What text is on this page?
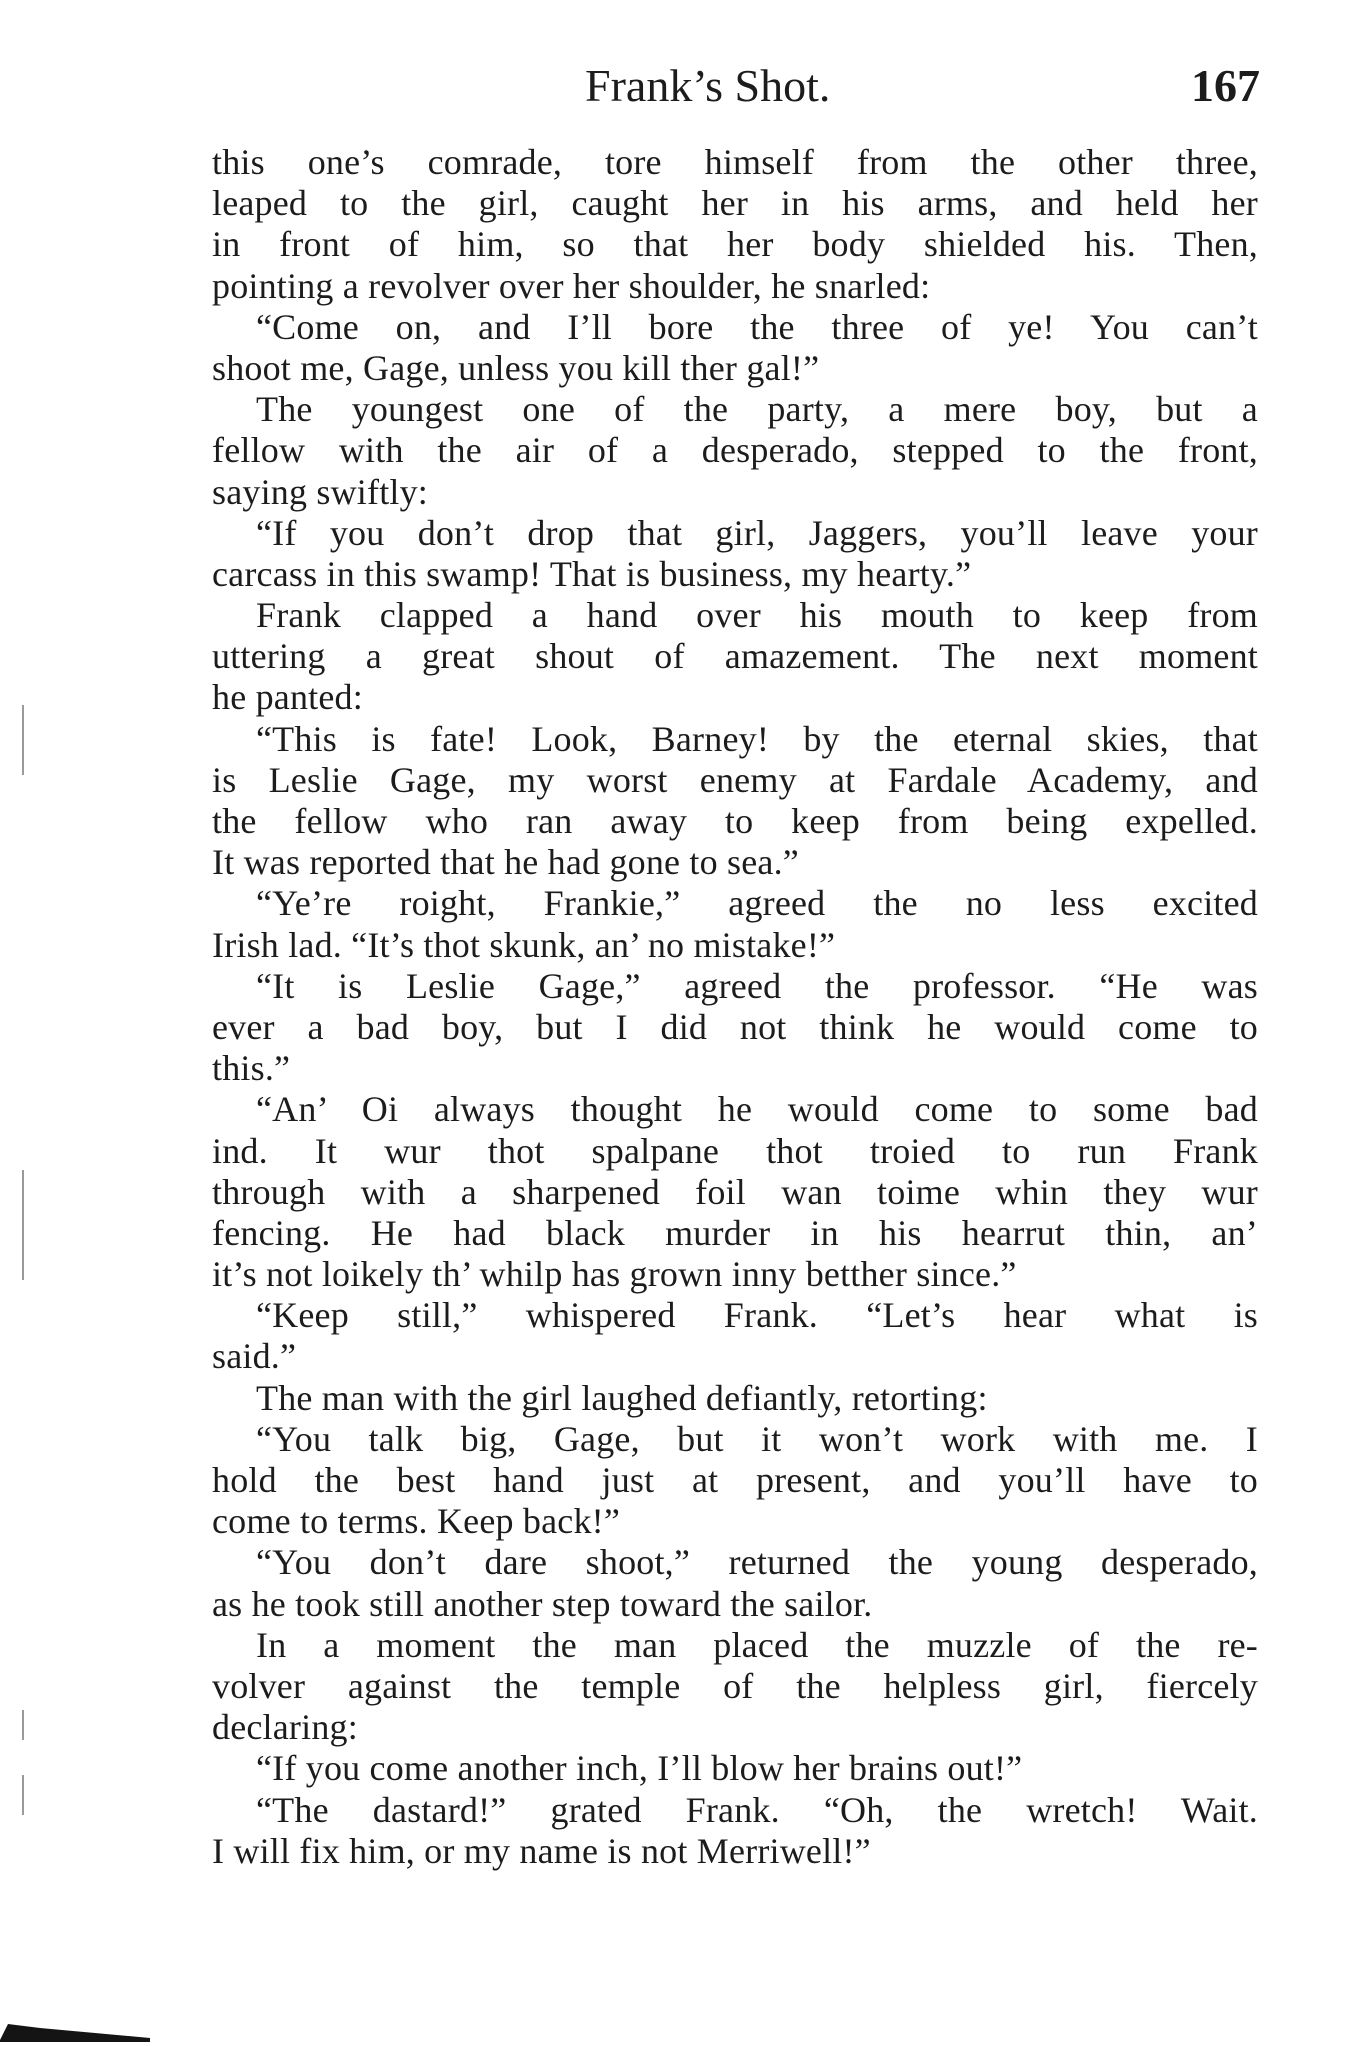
Frank’s Shot.	167
this one’s comrade, tore himself from the other three,
leaped to the girl, caught her in his arms, and held her
in front of him, so that her body shielded his. Then,
pointing a revolver over her shoulder, he snarled:
“Come on, and I’ll bore the three of ye! You can’t
shoot me, Gage, unless you kill ther gal!”
The youngest one of the party, a mere boy, but a
fellow with the air of a desperado, stepped to the front,
saying swiftly:
“If you don’t drop that girl, Jaggers, you’ll leave your
carcass in this swamp! That is business, my hearty.”
Frank clapped a hand over his mouth to keep from
uttering a great shout of amazement. The next moment
he panted:
“This is fate! Look, Barney! by the eternal skies, that
is Leslie Gage, my worst enemy at Fardale Academy, and
the fellow who ran away to keep from being expelled.
It was reported that he had gone to sea.”
“Ye’re roight, Frankie,” agreed the no less excited
Irish lad. “It’s thot skunk, an’ no mistake!”
“It is Leslie Gage,” agreed the professor. “He was
ever a bad boy, but I did not think he would come to
this.”
“An’ Oi always thought he would come to some bad
ind. It wur thot spalpane thot troied to run Frank
through with a sharpened foil wan toime whin they wur
fencing. He had black murder in his hearrut thin, an’
it’s not loikely th’ whilp has grown inny betther since.”
“Keep still,” whispered Frank. “Let’s hear what is
said.”
The man with the girl laughed defiantly, retorting:
“You talk big, Gage, but it won’t work with me. I
hold the best hand just at present, and you’ll have to
come to terms. Keep back!”
“You don’t dare shoot,” returned the young desperado,
as he took still another step toward the sailor.
In a moment the man placed the muzzle of the re-
volver against the temple of the helpless girl, fiercely
declaring:
“If you come another inch, I’ll blow her brains out!”
“The dastard!” grated Frank. “Oh, the wretch! Wait.
I will fix him, or my name is not Merriwell!”
